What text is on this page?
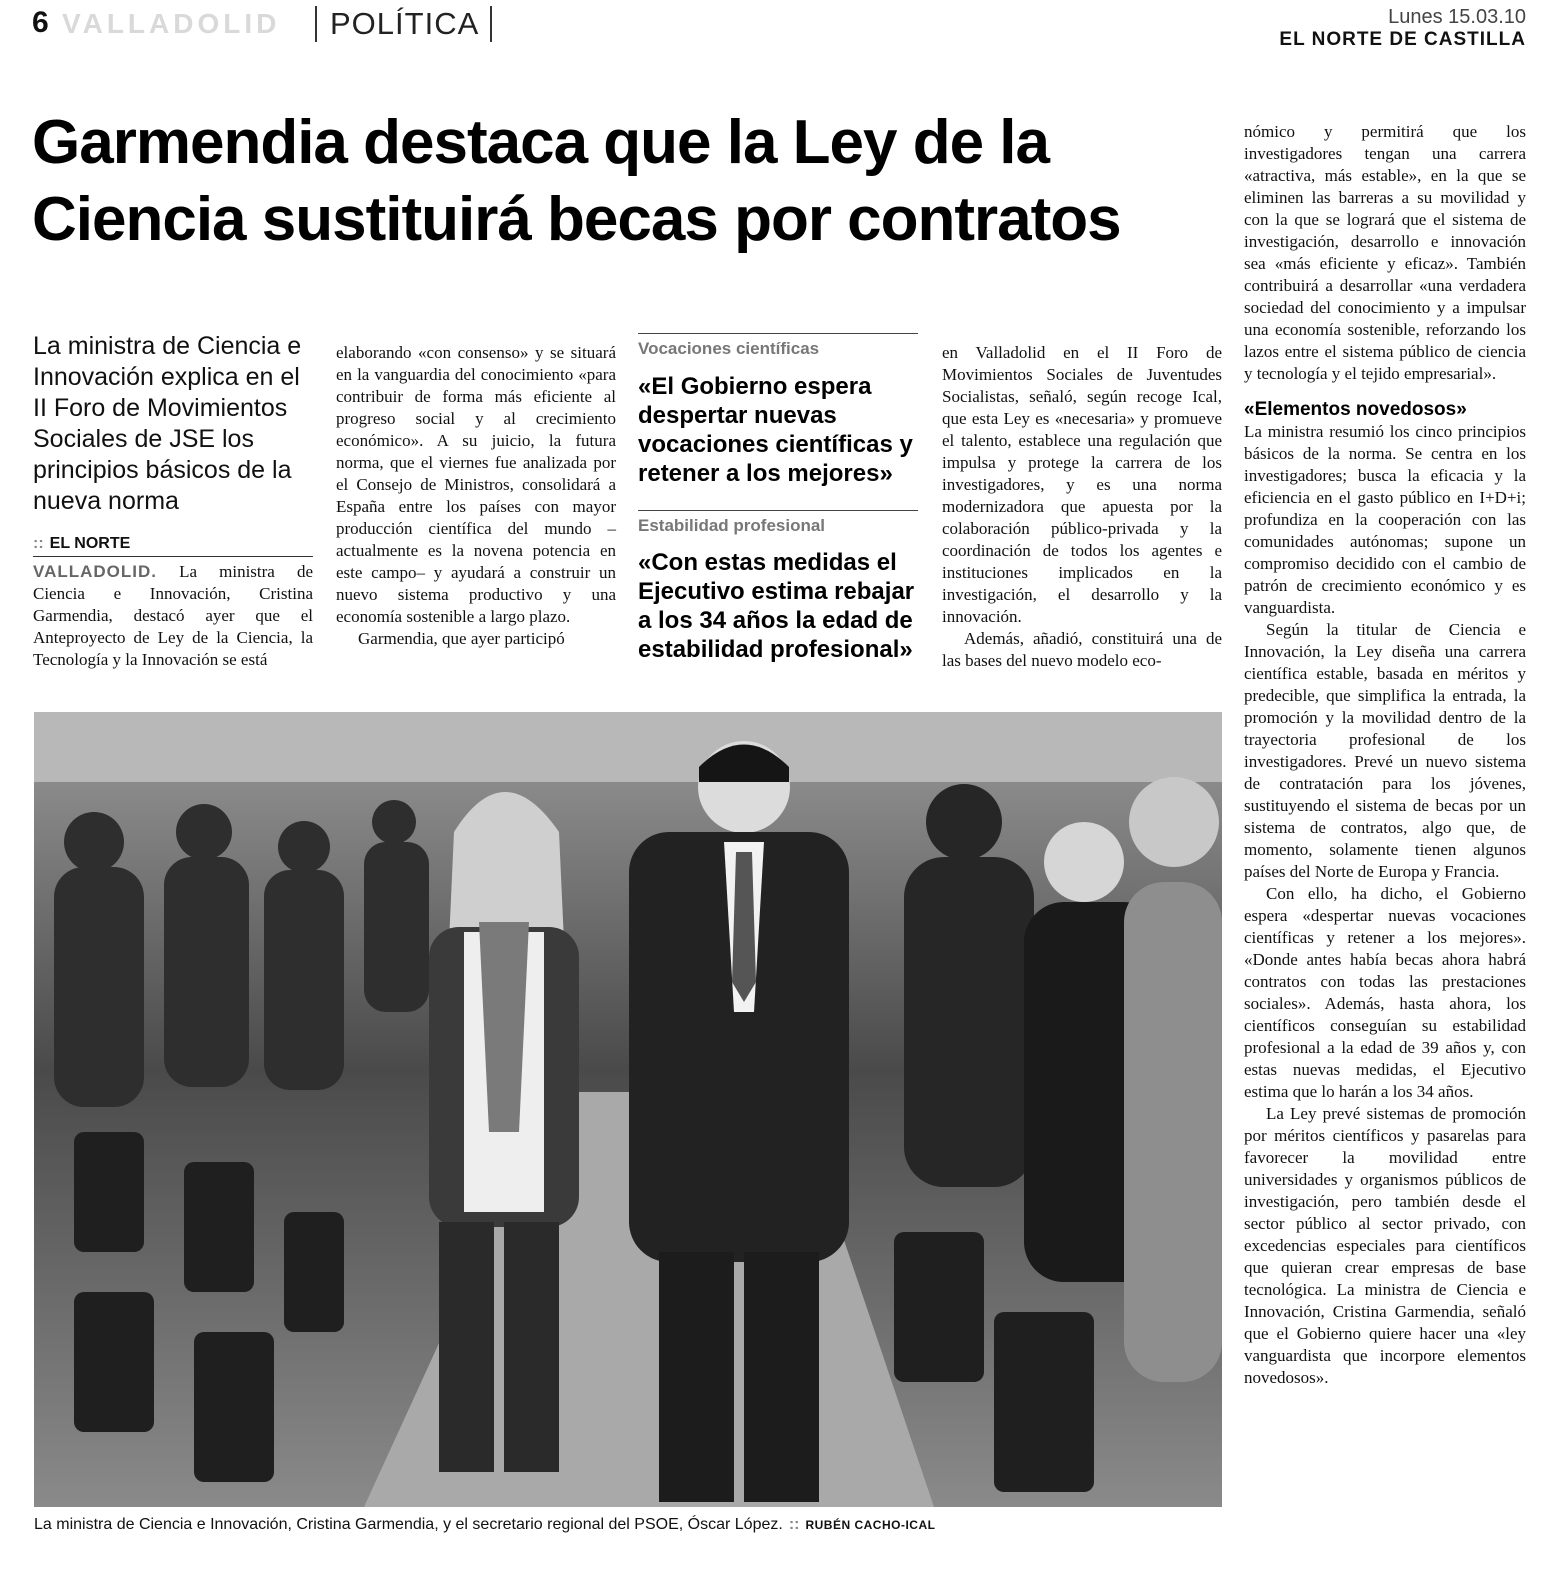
6 VALLADOLID POLÍTICA	Lunes 15.03.10
EL NORTE DE CASTILLA
Garmendia destaca que la Ley de la
Ciencia sustituirá becas por contratos
La ministra de Ciencia e Innovación explica en el II Foro de Movimientos Sociales de JSE los principios básicos de la nueva norma
:: EL NORTE

VALLADOLID. La ministra de Ciencia e Innovación, Cristina Garmendia, destacó ayer que el Anteproyecto de Ley de la Ciencia, la Tecnología y la Innovación se está

elaborando «con consenso» y se situará en la vanguardia del conocimiento «para contribuir de forma más eficiente al progreso social y al crecimiento económico». A su juicio, la futura norma, que el viernes fue analizada por el Consejo de Ministros, consolidará a España entre los países con mayor producción científica del mundo –actualmente es la novena potencia en este campo– y ayudará a construir un nuevo sistema productivo y una economía sostenible a largo plazo.

Garmendia, que ayer participó

Vocaciones científicas
«El Gobierno espera despertar nuevas vocaciones científicas y retener a los mejores»
Estabilidad profesional
«Con estas medidas el Ejecutivo estima rebajar a los 34 años la edad de estabilidad profesional»

en Valladolid en el II Foro de Movimientos Sociales de Juventudes Socialistas, señaló, según recoge Ical, que esta Ley es «necesaria» y promueve el talento, establece una regulación que impulsa y protege la carrera de los investigadores, y es una norma modernizadora que apuesta por la colaboración público-privada y la coordinación de todos los agentes e instituciones implicados en la investigación, el desarrollo y la innovación.

Además, añadió, constituirá una de las bases del nuevo modelo eco-

nómico y permitirá que los investigadores tengan una carrera «atractiva, más estable», en la que se eliminen las barreras a su movilidad y con la que se logrará que el sistema de investigación, desarrollo e innovación sea «más eficiente y eficaz». También contribuirá a desarrollar «una verdadera sociedad del conocimiento y a impulsar una economía sostenible, reforzando los lazos entre el sistema público de ciencia y tecnología y el tejido empresarial».

«Elementos novedosos»

La ministra resumió los cinco principios básicos de la norma. Se centra en los investigadores; busca la eficacia y la eficiencia en el gasto público en I+D+i; profundiza en la cooperación con las comunidades autónomas; supone un compromiso decidido con el cambio de patrón de crecimiento económico y es vanguardista.

Según la titular de Ciencia e Innovación, la Ley diseña una carrera científica estable, basada en méritos y predecible, que simplifica la entrada, la promoción y la movilidad dentro de la trayectoria profesional de los investigadores. Prevé un nuevo sistema de contratación para los jóvenes, sustituyendo el sistema de becas por un sistema de contratos, algo que, de momento, solamente tienen algunos países del Norte de Europa y Francia.

Con ello, ha dicho, el Gobierno espera «despertar nuevas vocaciones científicas y retener a los mejores». «Donde antes había becas ahora habrá contratos con todas las prestaciones sociales». Además, hasta ahora, los científicos conseguían su estabilidad profesional a la edad de 39 años y, con estas nuevas medidas, el Ejecutivo estima que lo harán a los 34 años.

La Ley prevé sistemas de promoción por méritos científicos y pasarelas para favorecer la movilidad entre universidades y organismos públicos de investigación, pero también desde el sector público al sector privado, con excedencias especiales para científicos que quieran crear empresas de base tecnológica. La ministra de Ciencia e Innovación, Cristina Garmendia, señaló que el Gobierno quiere hacer una «ley vanguardista que incorpore elementos novedosos».

La ministra de Ciencia e Innovación, Cristina Garmendia, y el secretario regional del PSOE, Óscar López. :: RUBÉN CACHO-ICAL
